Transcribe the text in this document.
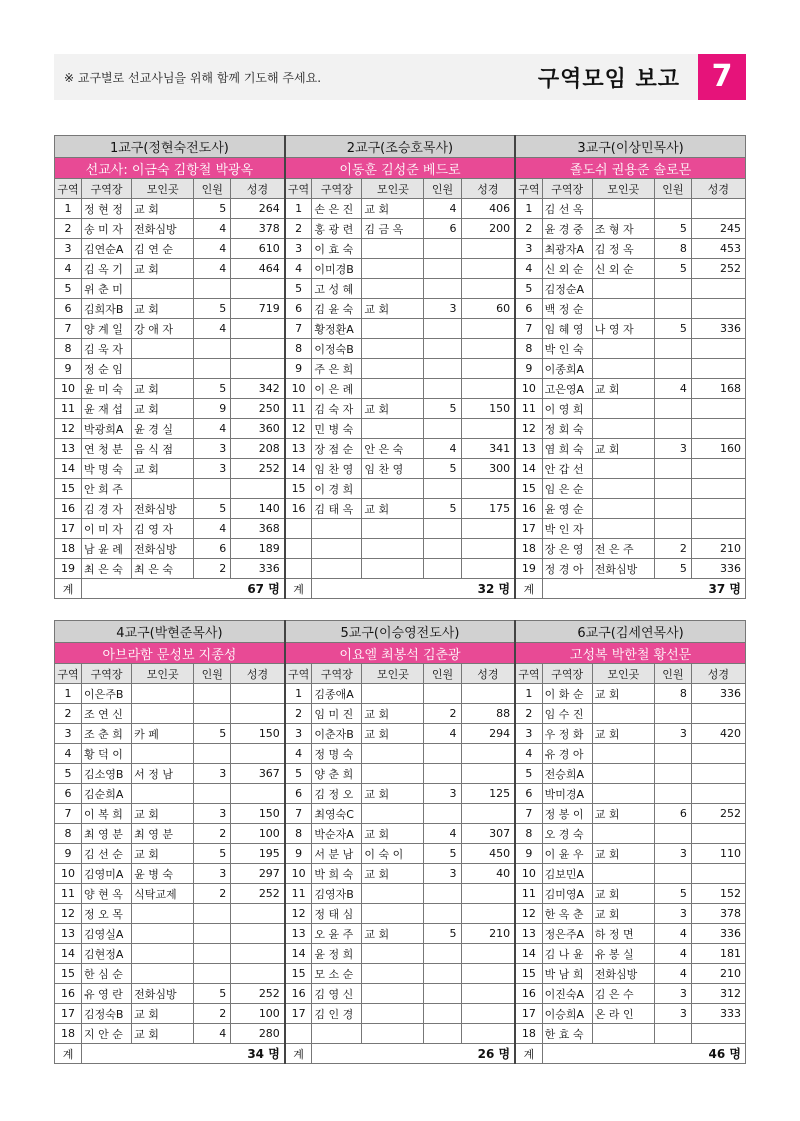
※ 교구별로 선교사님을 위해 함께 기도해 주세요.	구역모임 보고	7
1교구(정현숙전도사)					2교구(조승호목사)					3교구(이상민목사)				
선교사: 이금숙 김항철 박광옥					이동훈 김성준 베드로					졸도쉬 권용준 솔로몬				
구역	구역장	모인곳	인원	성경	구역	구역장	모인곳	인원	성경	구역	구역장	모인곳	인원	성경
1	정 현 정	교 회	5	264	1	손 은 진	교 회	4	406	1	김 선 옥			
2	송 미 자	전화심방	4	378	2	홍 광 련	김 금 옥	6	200	2	윤 경 중	조 형 자	5	245
3	김연순A	김 연 순	4	610	3	이 효 숙				3	최광자A	김 정 옥	8	453
4	김 옥 기	교 회	4	464	4	이미경B				4	신 외 순	신 외 순	5	252
5	위 춘 미				5	고 성 혜				5	김정순A			
6	김희자B	교 회	5	719	6	김 윤 숙	교 회	3	60	6	백 정 순			
7	양 계 일	강 애 자	4		7	황정환A				7	임 혜 영	나 영 자	5	336
8	김 욱 자				8	이정숙B				8	박 인 숙			
9	정 순 임				9	주 은 희				9	이종희A			
10	윤 미 숙	교 회	5	342	10	이 은 례				10	고은영A	교 회	4	168
11	윤 재 섭	교 회	9	250	11	김 숙 자	교 회	5	150	11	이 영 희			
12	박광희A	윤 경 실	4	360	12	민 병 숙				12	정 회 숙			
13	연 청 분	음 식 점	3	208	13	장 점 순	안 은 숙	4	341	13	염 희 숙	교 회	3	160
14	박 명 숙	교 회	3	252	14	임 찬 영	임 찬 영	5	300	14	안 갑 선			
15	안 희 주				15	이 경 희				15	임 은 순			
16	김 경 자	전화심방	5	140	16	김 태 옥	교 회	5	175	16	윤 영 순			
17	이 미 자	김 영 자	4	368						17	박 인 자			
18	남 윤 례	전화심방	6	189						18	장 은 영	전 은 주	2	210
19	최 은 숙	최 은 숙	2	336						19	정 경 아	전화심방	5	336
계	67 명				계	32 명				계	37 명			
4교구(박현준목사)					5교구(이승영전도사)					6교구(김세연목사)				
아브라함 문성보 지종성					이요엘 최봉석 김춘광					고성복 박한철 황선문				
구역	구역장	모인곳	인원	성경	구역	구역장	모인곳	인원	성경	구역	구역장	모인곳	인원	성경
1	이은주B				1	김종애A				1	이 화 순	교 회	8	336
2	조 연 신				2	임 미 진	교 회	2	88	2	임 수 진			
3	조 춘 희	카 페	5	150	3	이춘자B	교 회	4	294	3	우 정 화	교 회	3	420
4	황 덕 이				4	정 명 숙				4	유 경 아			
5	김소영B	서 정 남	3	367	5	양 춘 희				5	전승희A			
6	김순희A				6	김 정 오	교 회	3	125	6	박미경A			
7	이 복 희	교 회	3	150	7	최영숙C				7	정 봉 이	교 회	6	252
8	최 영 분	최 영 분	2	100	8	박순자A	교 회	4	307	8	오 경 숙			
9	김 선 순	교 회	5	195	9	서 분 남	이 숙 이	5	450	9	이 윤 우	교 회	3	110
10	김영미A	윤 병 숙	3	297	10	박 희 숙	교 회	3	40	10	김보민A			
11	양 현 옥	식탁교제	2	252	11	김영자B				11	김미영A	교 회	5	152
12	정 오 목				12	정 태 심				12	한 옥 춘	교 회	3	378
13	김영실A				13	오 윤 주	교 회	5	210	13	정은주A	하 정 면	4	336
14	김현정A				14	윤 정 희				14	김 나 윤	유 봉 실	4	181
15	한 심 순				15	모 소 순				15	박 남 희	전화심방	4	210
16	유 영 란	전화심방	5	252	16	김 영 신				16	이진숙A	김 은 수	3	312
17	김정숙B	교 회	2	100	17	김 인 경				17	이승희A	온 라 인	3	333
18	지 안 순	교 회	4	280						18	한 효 숙			
계	34 명				계	26 명				계	46 명			
